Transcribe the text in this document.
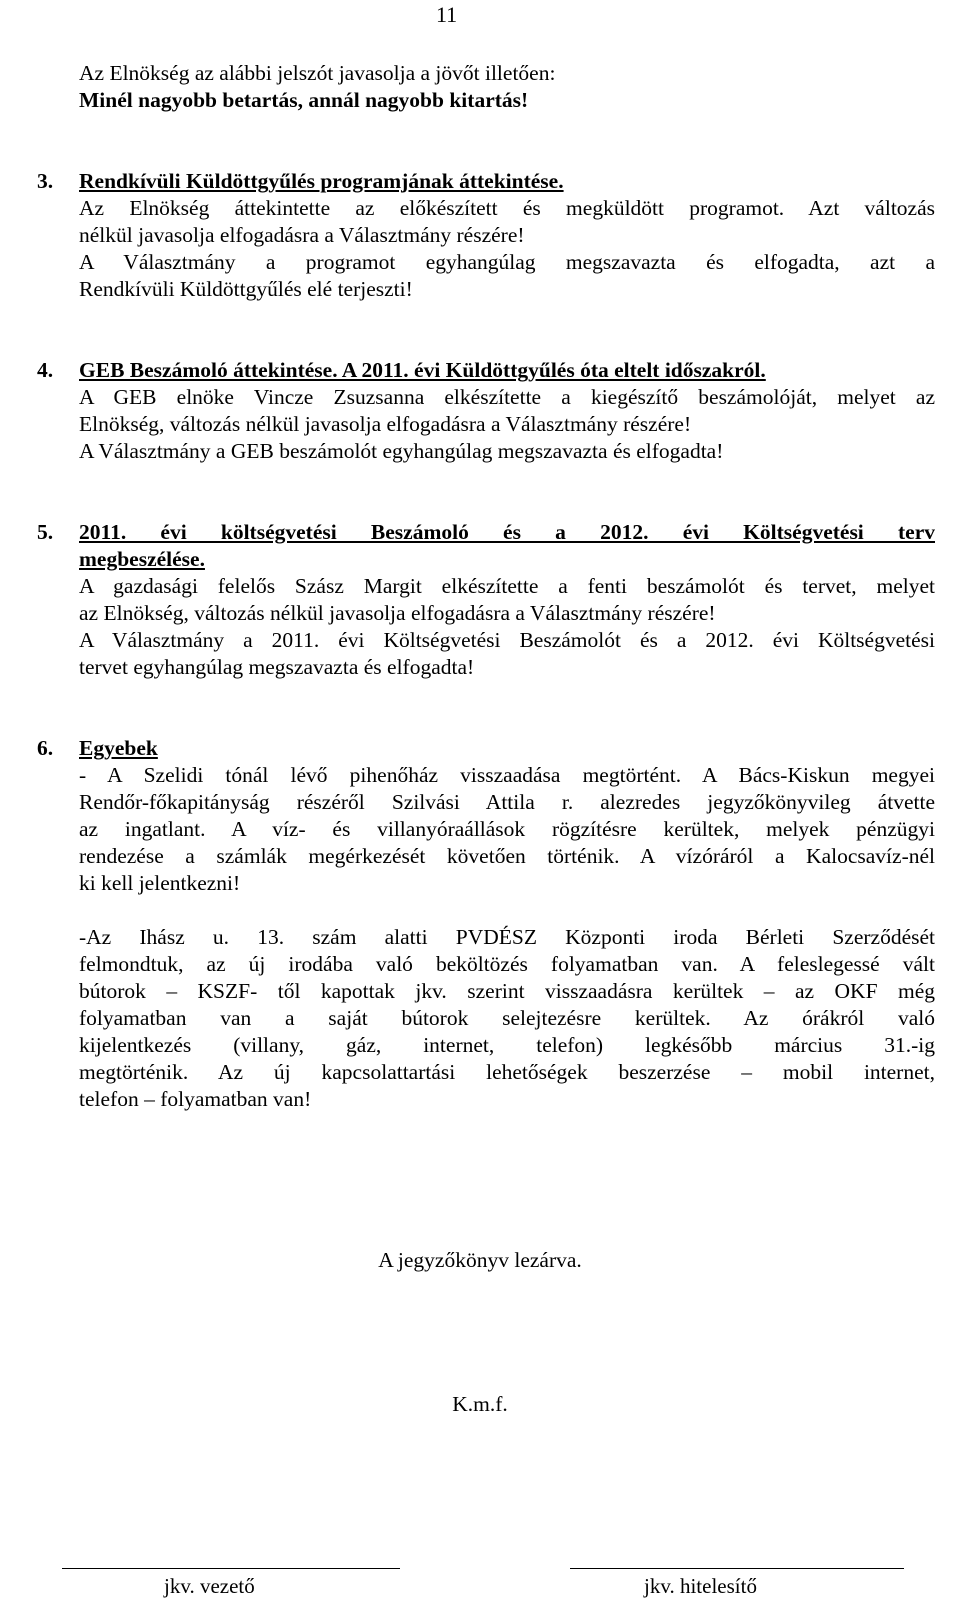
11

Az Elnökség az alábbi jelszót javasolja a jövőt illetően:

Minél nagyobb betartás, annál nagyobb kitartás!

3. Rendkívüli Küldöttgyűlés programjának áttekintése.

Az Elnökség áttekintette az előkészített és megküldött programot. Azt változás

nélkül javasolja elfogadásra a Választmány részére!

A Választmány a programot egyhangúlag megszavazta és elfogadta, azt a

Rendkívüli Küldöttgyűlés elé terjeszti!

4. GEB Beszámoló áttekintése. A 2011. évi Küldöttgyűlés óta eltelt időszakról.

A GEB elnöke Vincze Zsuzsanna elkészítette a kiegészítő beszámolóját, melyet az

Elnökség, változás nélkül javasolja elfogadásra a Választmány részére!

A Választmány a GEB beszámolót egyhangúlag megszavazta és elfogadta!

5. 2011. évi költségvetési Beszámoló és a 2012. évi Költségvetési terv
megbeszélése.

A gazdasági felelős Szász Margit elkészítette a fenti beszámolót és tervet, melyet

az Elnökség, változás nélkül javasolja elfogadásra a Választmány részére!

A Választmány a 2011. évi Költségvetési Beszámolót és a 2012. évi Költségvetési

tervet egyhangúlag megszavazta és elfogadta!

6. Egyebek

- A Szelidi tónál lévő pihenőház visszaadása megtörtént. A Bács-Kiskun megyei

Rendőr-főkapitányság részéről Szilvási Attila r. alezredes jegyzőkönyvileg átvette

az ingatlant. A víz- és villanyóraállások rögzítésre kerültek, melyek pénzügyi

rendezése a számlák megérkezését követően történik. A vízóráról a Kalocsavíz-nél

ki kell jelentkezni!

-Az Ihász u. 13. szám alatti PVDÉSZ Központi iroda Bérleti Szerződését

felmondtuk, az új irodába való beköltözés folyamatban van. A feleslegessé vált

bútorok – KSZF- től kapottak jkv. szerint visszaadásra kerültek – az OKF még

folyamatban van a saját bútorok selejtezésre kerültek. Az órákról való

kijelentkezés (villany, gáz, internet, telefon) legkésőbb március 31.-ig

megtörténik. Az új kapcsolattartási lehetőségek beszerzése – mobil internet,

telefon – folyamatban van!

A jegyzőkönyv lezárva.
K.m.f.
jkv. vezető	jkv. hitelesítő
